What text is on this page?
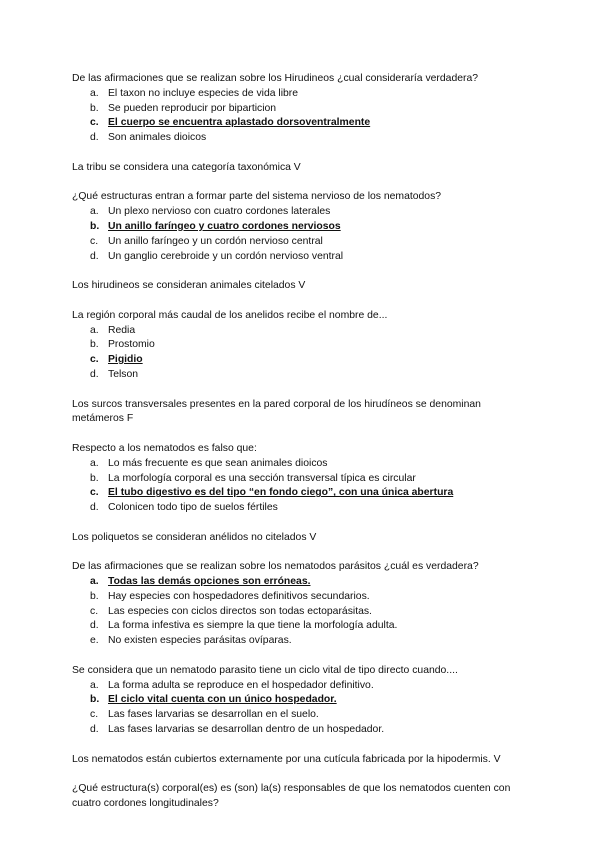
De las afirmaciones que se realizan sobre los Hirudineos ¿cual consideraría verdadera?

a. El taxon no incluye especies de vida libre
b. Se pueden reproducir por biparticion
c. El cuerpo se encuentra aplastado dorsoventralmente
d. Son animales dioicos

La tribu se considera una categoría taxonómica V

¿Qué estructuras entran a formar parte del sistema nervioso de los nematodos?

a. Un plexo nervioso con cuatro cordones laterales
b. Un anillo faríngeo y cuatro cordones nerviosos
c. Un anillo faríngeo y un cordón nervioso central
d. Un ganglio cerebroide y un cordón nervioso ventral

Los hirudineos se consideran animales citelados V

La región corporal más caudal de los anelidos recibe el nombre de...

a. Redia
b. Prostomio
c. Pigidio
d. Telson

Los surcos transversales presentes en la pared corporal de los hirudíneos se denominan metámeros F

Respecto a los nematodos es falso que:

a. Lo más frecuente es que sean animales dioicos
b. La morfología corporal es una sección transversal típica es circular
c. El tubo digestivo es del tipo “en fondo ciego”, con una única abertura
d. Colonicen todo tipo de suelos fértiles

Los poliquetos se consideran anélidos no citelados V

De las afirmaciones que se realizan sobre los nematodos parásitos ¿cuál es verdadera?

a. Todas las demás opciones son erróneas.
b. Hay especies con hospedadores definitivos secundarios.
c. Las especies con ciclos directos son todas ectoparásitas.
d. La forma infestiva es siempre la que tiene la morfología adulta.
e. No existen especies parásitas ovíparas.

Se considera que un nematodo parasito tiene un ciclo vital de tipo directo cuando....

a. La forma adulta se reproduce en el hospedador definitivo.
b. El ciclo vital cuenta con un único hospedador.
c. Las fases larvarias se desarrollan en el suelo.
d. Las fases larvarias se desarrollan dentro de un hospedador.

Los nematodos están cubiertos externamente por una cutícula fabricada por la hipodermis. V

¿Qué estructura(s) corporal(es) es (son) la(s) responsables de que los nematodos cuenten con cuatro cordones longitudinales?
